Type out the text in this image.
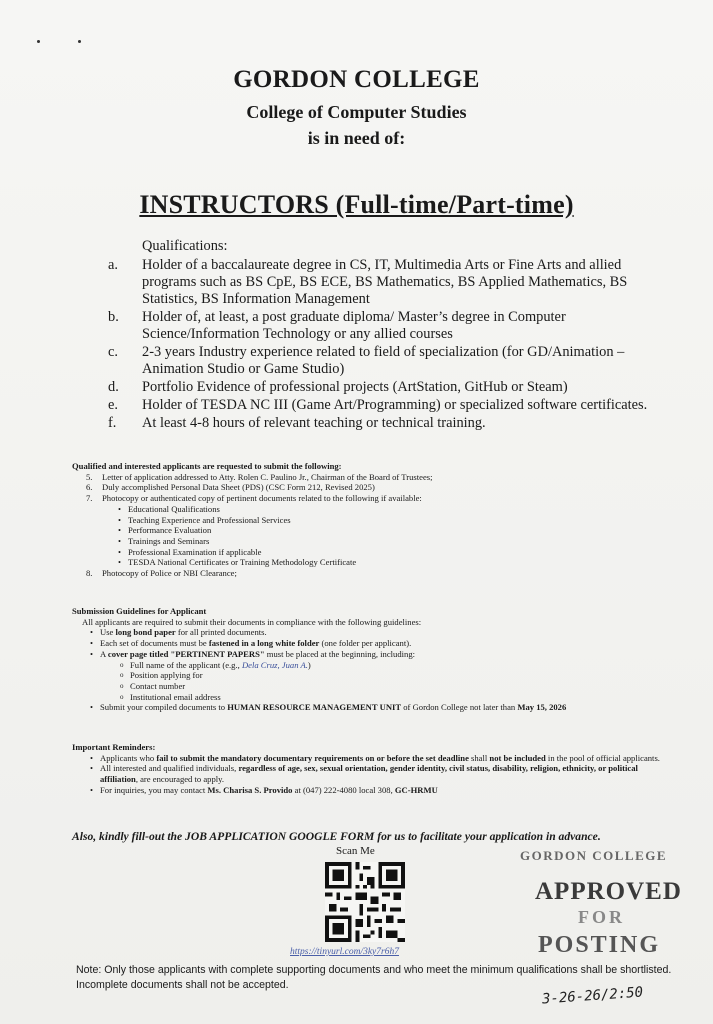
GORDON COLLEGE
College of Computer Studies
is in need of:
INSTRUCTORS (Full-time/Part-time)
Qualifications:
a.	Holder of a baccalaureate degree in CS, IT, Multimedia Arts or Fine Arts and allied programs such as BS CpE, BS ECE, BS Mathematics, BS Applied Mathematics, BS Statistics, BS Information Management
b.	Holder of, at least, a post graduate diploma/ Master’s degree in Computer Science/Information Technology or any allied courses
c.	2-3 years Industry experience related to field of specialization (for GD/Animation – Animation Studio or Game Studio)
d.	Portfolio Evidence of professional projects (ArtStation, GitHub or Steam)
e.	Holder of TESDA NC III (Game Art/Programming) or specialized software certificates.
f.	At least 4-8 hours of relevant teaching or technical training.
Qualified and interested applicants are requested to submit the following:
5. Letter of application addressed to Atty. Rolen C. Paulino Jr., Chairman of the Board of Trustees;
6. Duly accomplished Personal Data Sheet (PDS) (CSC Form 212, Revised 2025)
7. Photocopy or authenticated copy of pertinent documents related to the following if available:
• Educational Qualifications
• Teaching Experience and Professional Services
• Performance Evaluation
• Trainings and Seminars
• Professional Examination if applicable
• TESDA National Certificates or Training Methodology Certificate
8. Photocopy of Police or NBI Clearance;
Submission Guidelines for Applicant
All applicants are required to submit their documents in compliance with the following guidelines:
• Use long bond paper for all printed documents.
• Each set of documents must be fastened in a long white folder (one folder per applicant).
• A cover page titled "PERTINENT PAPERS" must be placed at the beginning, including:
o Full name of the applicant (e.g., Dela Cruz, Juan A.)
o Position applying for
o Contact number
o Institutional email address
• Submit your compiled documents to HUMAN RESOURCE MANAGEMENT UNIT of Gordon College not later than May 15, 2026
Important Reminders:
• Applicants who fail to submit the mandatory documentary requirements on or before the set deadline shall not be included in the pool of official applicants.
• All interested and qualified individuals, regardless of age, sex, sexual orientation, gender identity, civil status, disability, religion, ethnicity, or political affiliation, are encouraged to apply.
• For inquiries, you may contact Ms. Charisa S. Provido at (047) 222-4080 local 308, GC-HRMU
Also, kindly fill-out the JOB APPLICATION GOOGLE FORM for us to facilitate your application in advance.
Scan Me
https://tinyurl.com/3ky7r6h7
Note: Only those applicants with complete supporting documents and who meet the minimum qualifications shall be shortlisted. Incomplete documents shall not be accepted.
GORDON COLLEGE
APPROVED
FOR
POSTING
3-26-26/2:50
